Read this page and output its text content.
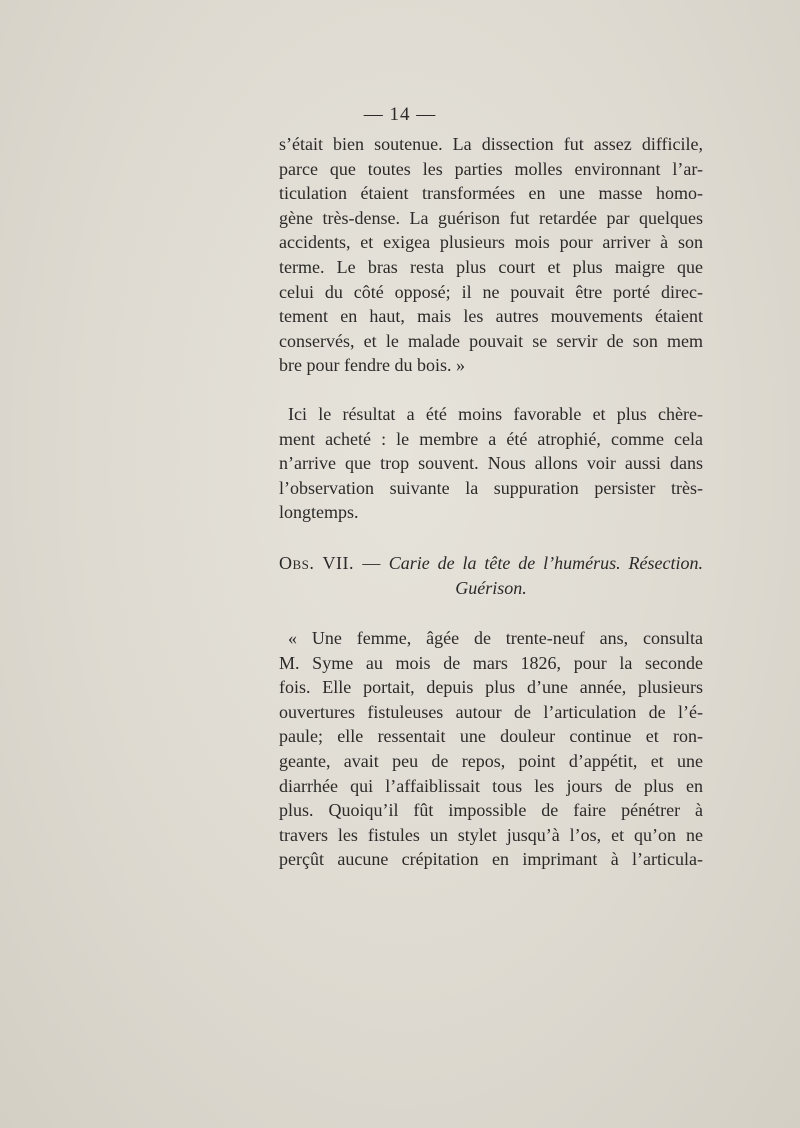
— 14 —
s’était bien soutenue. La dissection fut assez difficile,
parce que toutes les parties molles environnant l’ar-
ticulation étaient transformées en une masse homo-
gène très-dense. La guérison fut retardée par quelques
accidents, et exigea plusieurs mois pour arriver à son
terme. Le bras resta plus court et plus maigre que
celui du côté opposé; il ne pouvait être porté direc-
tement en haut, mais les autres mouvements étaient
conservés, et le malade pouvait se servir de son mem
bre pour fendre du bois. »
Ici le résultat a été moins favorable et plus chère-
ment acheté : le membre a été atrophié, comme cela
n’arrive que trop souvent. Nous allons voir aussi dans
l’observation suivante la suppuration persister très-
longtemps.
Obs. VII. — Carie de la tête de l’humérus. Résection.
Guérison.
« Une femme, âgée de trente-neuf ans, consulta
M. Syme au mois de mars 1826, pour la seconde
fois. Elle portait, depuis plus d’une année, plusieurs
ouvertures fistuleuses autour de l’articulation de l’é-
paule; elle ressentait une douleur continue et ron-
geante, avait peu de repos, point d’appétit, et une
diarrhée qui l’affaiblissait tous les jours de plus en
plus. Quoiqu’il fût impossible de faire pénétrer à
travers les fistules un stylet jusqu’à l’os, et qu’on ne
perçût aucune crépitation en imprimant à l’articula-
